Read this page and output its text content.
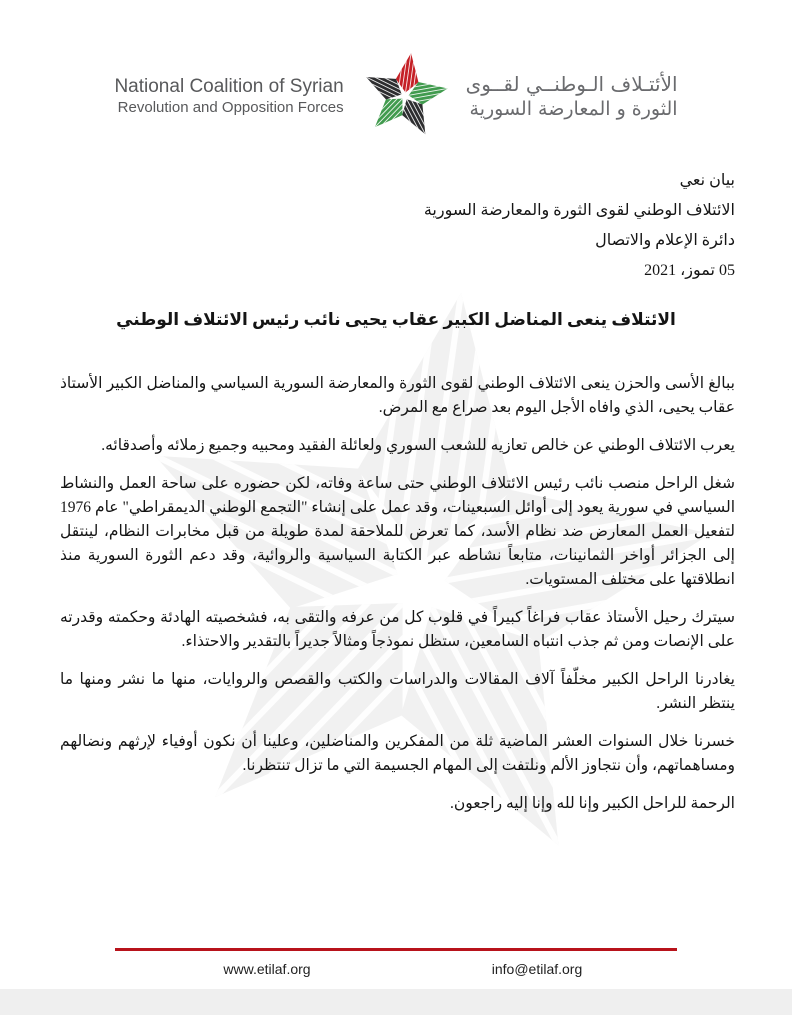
National Coalition of Syrian
Revolution and Opposition Forces
الأئتـلاف الـوطنــي لقــوى
الثورة و المعارضة السورية
بيان نعي
الائتلاف الوطني لقوى الثورة والمعارضة السورية
دائرة الإعلام والاتصال
05 تموز، 2021
الائتلاف ينعى المناضل الكبير عقاب يحيى نائب رئيس الائتلاف الوطني

ببالغ الأسى والحزن ينعى الائتلاف الوطني لقوى الثورة والمعارضة السورية السياسي والمناضل الكبير الأستاذ عقاب يحيى، الذي وافاه الأجل اليوم بعد صراع مع المرض.

يعرب الائتلاف الوطني عن خالص تعازيه للشعب السوري ولعائلة الفقيد ومحبيه وجميع زملائه وأصدقائه.

شغل الراحل منصب نائب رئيس الائتلاف الوطني حتى ساعة وفاته، لكن حضوره على ساحة العمل والنشاط السياسي في سورية يعود إلى أوائل السبعينات، وقد عمل على إنشاء "التجمع الوطني الديمقراطي" عام 1976 لتفعيل العمل المعارض ضد نظام الأسد، كما تعرض للملاحقة لمدة طويلة من قبل مخابرات النظام، لينتقل إلى الجزائر أواخر الثمانينات، متابعاً نشاطه عبر الكتابة السياسية والروائية، وقد دعم الثورة السورية منذ انطلاقتها على مختلف المستويات.

سيترك رحيل الأستاذ عقاب فراغاً كبيراً في قلوب كل من عرفه والتقى به، فشخصيته الهادئة وحكمته وقدرته على الإنصات ومن ثم جذب انتباه السامعين، ستظل نموذجاً ومثالاً جديراً بالتقدير والاحتذاء.

يغادرنا الراحل الكبير مخلّفاً آلاف المقالات والدراسات والكتب والقصص والروايات، منها ما نشر ومنها ما ينتظر النشر.

خسرنا خلال السنوات العشر الماضية ثلة من المفكرين والمناضلين، وعلينا أن نكون أوفياء لإرثهم ونضالهم ومساهماتهم، وأن نتجاوز الألم ونلتفت إلى المهام الجسيمة التي ما تزال تنتظرنا.

الرحمة للراحل الكبير وإنا لله وإنا إليه راجعون.

www.etilaf.org	info@etilaf.org
